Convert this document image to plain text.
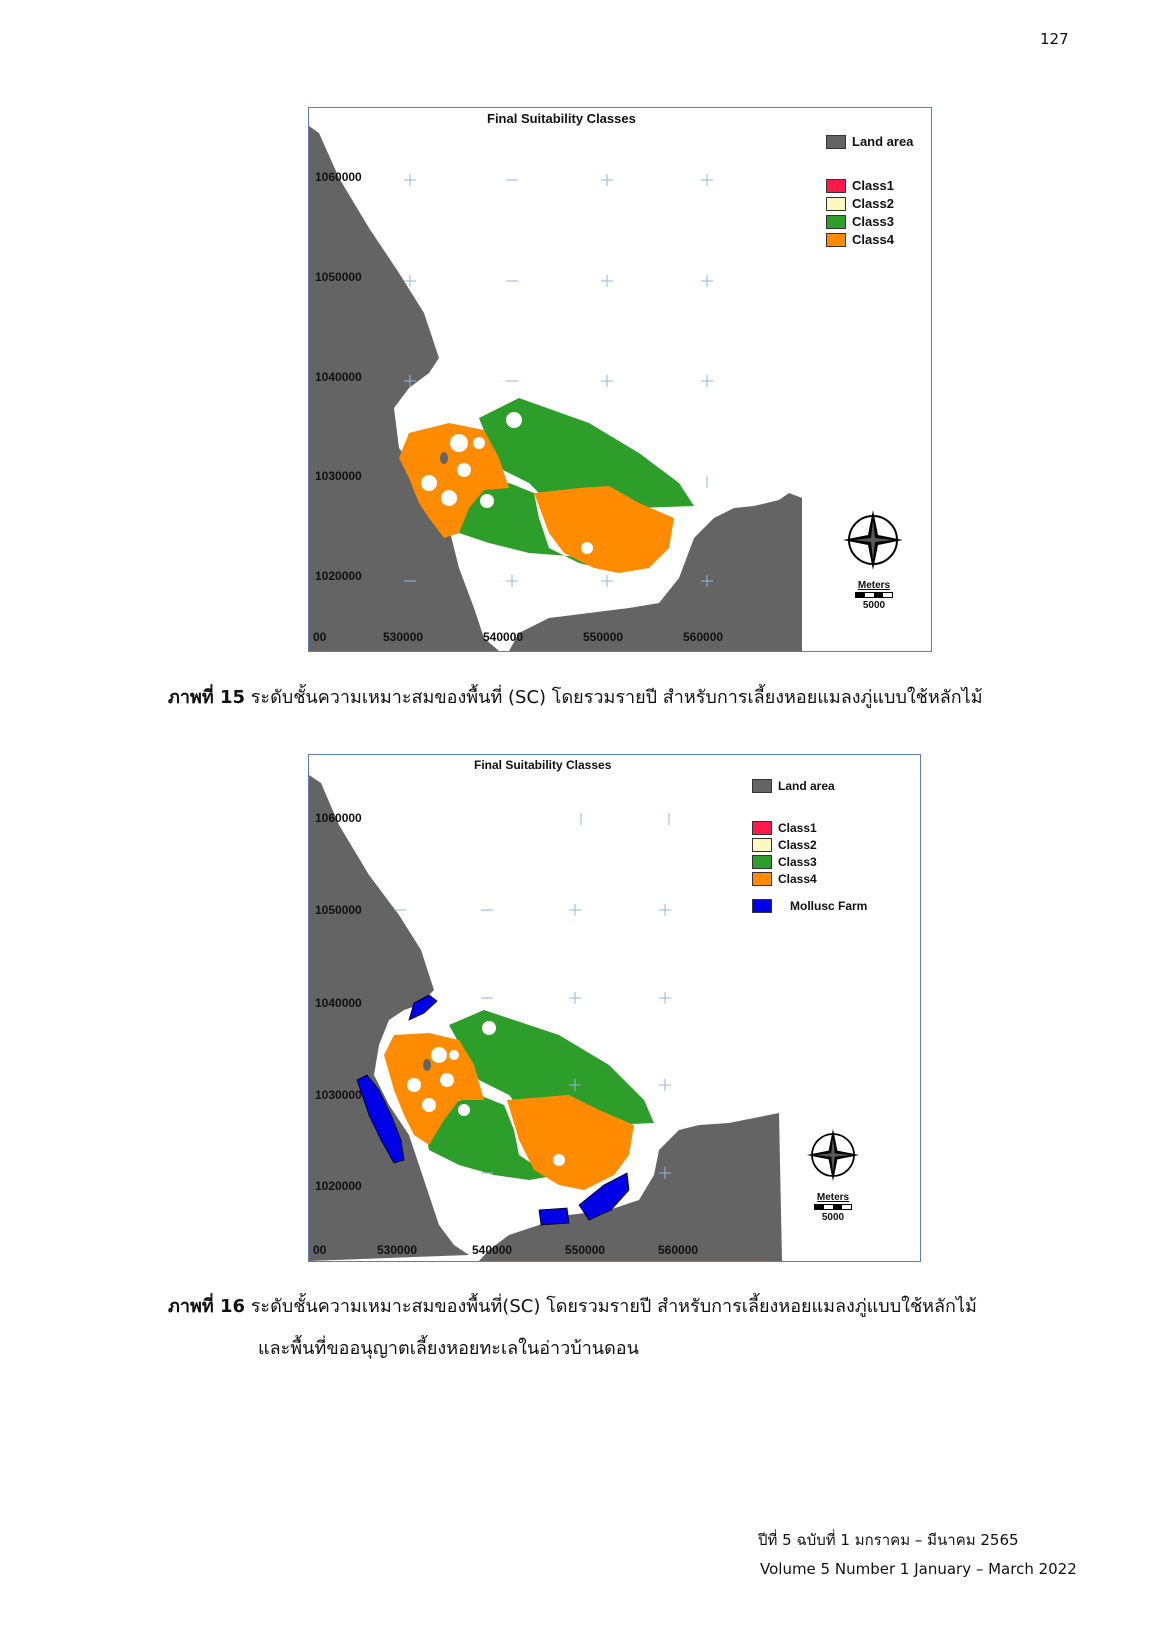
127
Final Suitability Classes
Land area
Class1
Class2
Class3
Class4
1060000
1050000
1040000
1030000
1020000
00	530000	540000	550000	560000
Meters
5000
ภาพที่ 15 ระดับชั้นความเหมาะสมของพื้นที่ (SC) โดยรวมรายปี สำหรับการเลี้ยงหอยแมลงภู่แบบใช้หลักไม้
Final Suitability Classes
Land area
Class1
Class2
Class3
Class4
Mollusc Farm
1060000
1050000
1040000
1030000
1020000
00	530000	540000	550000	560000
Meters
5000
ภาพที่ 16 ระดับชั้นความเหมาะสมของพื้นที่(SC) โดยรวมรายปี สำหรับการเลี้ยงหอยแมลงภู่แบบใช้หลักไม้
และพื้นที่ขออนุญาตเลี้ยงหอยทะเลในอ่าวบ้านดอน
ปีที่ 5 ฉบับที่ 1 มกราคม – มีนาคม 2565
Volume 5 Number 1 January – March 2022
